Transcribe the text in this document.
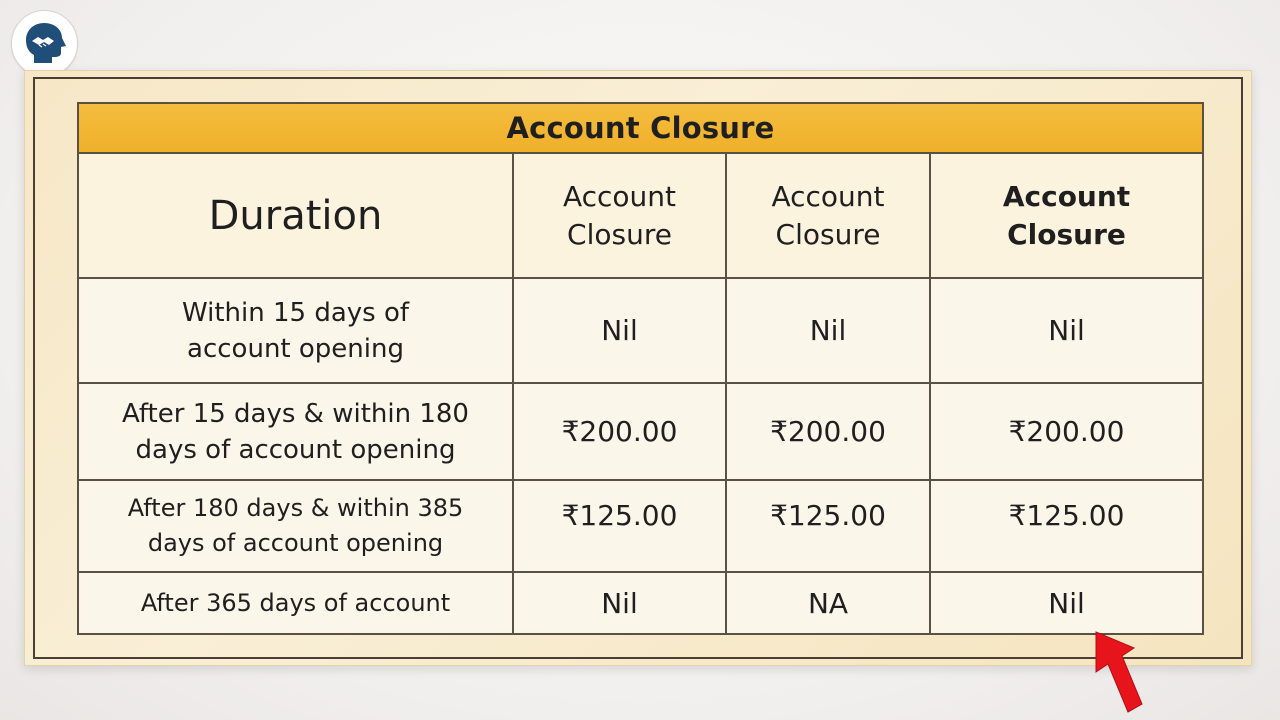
Account Closure			
Duration	Account Closure	Account Closure	Account Closure
Within 15 days of account opening	Nil	Nil	Nil
After 15 days & within 180 days of account opening	₹200.00	₹200.00	₹200.00
After 180 days & within 385 days of account opening	₹125.00	₹125.00	₹125.00
After 365 days of account	Nil	NA	Nil
